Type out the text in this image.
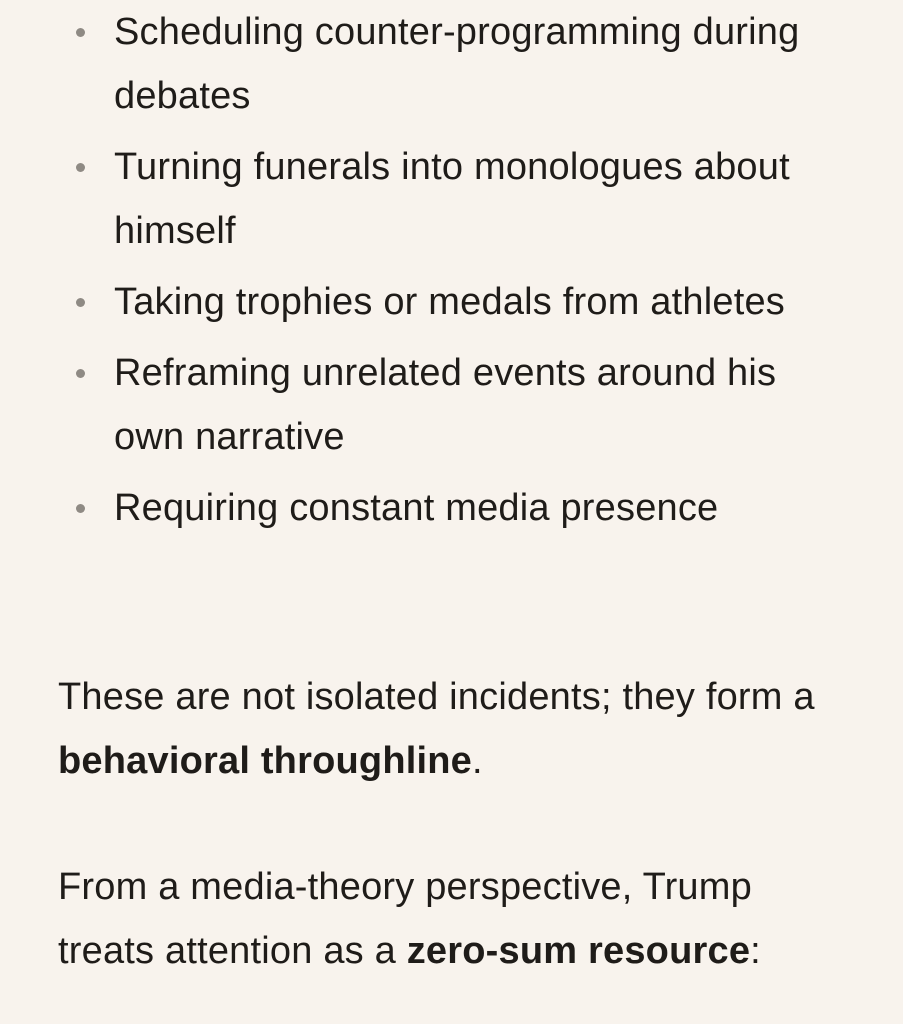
Scheduling counter-programming during debates
Turning funerals into monologues about himself
Taking trophies or medals from athletes
Reframing unrelated events around his own narrative
Requiring constant media presence

These are not isolated incidents; they form a behavioral throughline.

From a media-theory perspective, Trump treats attention as a zero-sum resource:
